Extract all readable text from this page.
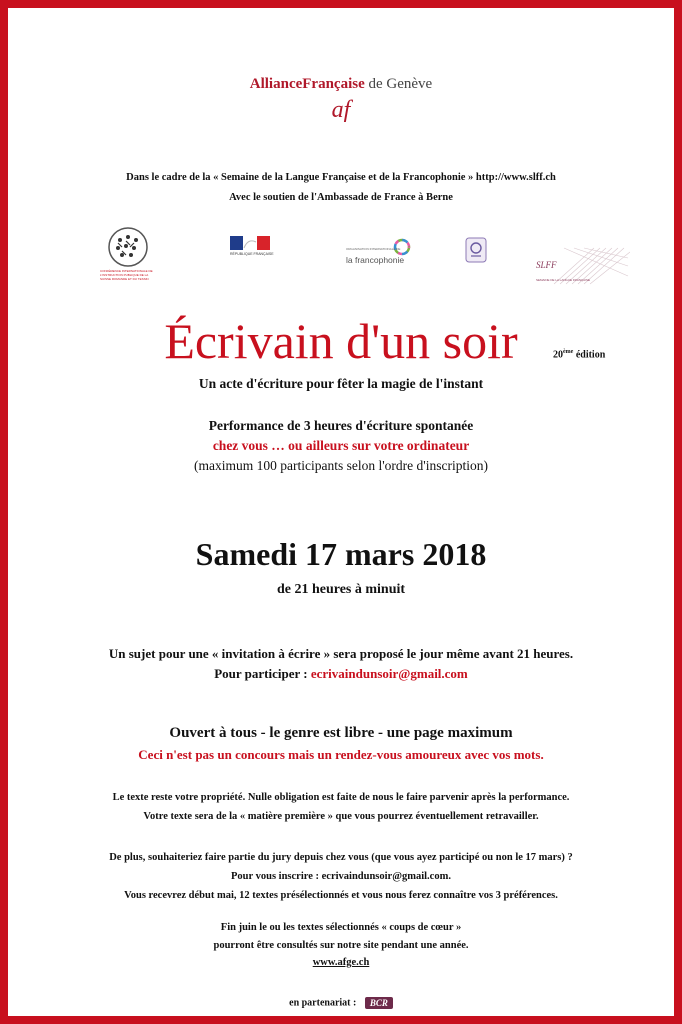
AllianceFrançaise de Genève
af
Dans le cadre de la « Semaine de la Langue Française et de la Francophonie » http://www.slff.ch
Avec le soutien de l'Ambassade de France à Berne
CONFÉRENCE INTERNATIONALE DE L'INSTRUCTION PUBLIQUE DE LA SUISSE ROMANDE ET DU TESSIN
RÉPUBLIQUE FRANÇAISE
ORGANISATION INTERNATIONALE DE
la francophonie	SLFF
SEMAINE DE LA LANGUE FRANÇAISE
Écrivain d'un soir	20ème édition
Un acte d'écriture pour fêter la magie de l'instant
Performance de 3 heures d'écriture spontanée
chez vous … ou ailleurs sur votre ordinateur
(maximum 100 participants selon l'ordre d'inscription)
Samedi 17 mars 2018
de 21 heures à minuit
Un sujet pour une « invitation à écrire » sera proposé le jour même avant 21 heures.
Pour participer : ecrivaindunsoir@gmail.com
Ouvert à tous - le genre est libre - une page maximum
Ceci n'est pas un concours mais un rendez-vous amoureux avec vos mots.
Le texte reste votre propriété. Nulle obligation est faite de nous le faire parvenir après la performance.
Votre texte sera de la « matière première » que vous pourrez éventuellement retravailler.
De plus, souhaiteriez faire partie du jury depuis chez vous (que vous ayez participé ou non le 17 mars) ?
Pour vous inscrire : ecrivaindunsoir@gmail.com.
Vous recevrez début mai, 12 textes présélectionnés et vous nous ferez connaître vos 3 préférences.
Fin juin le ou les textes sélectionnés « coups de cœur »
pourront être consultés sur notre site pendant une année.
www.afge.ch
en partenariat : BCR
